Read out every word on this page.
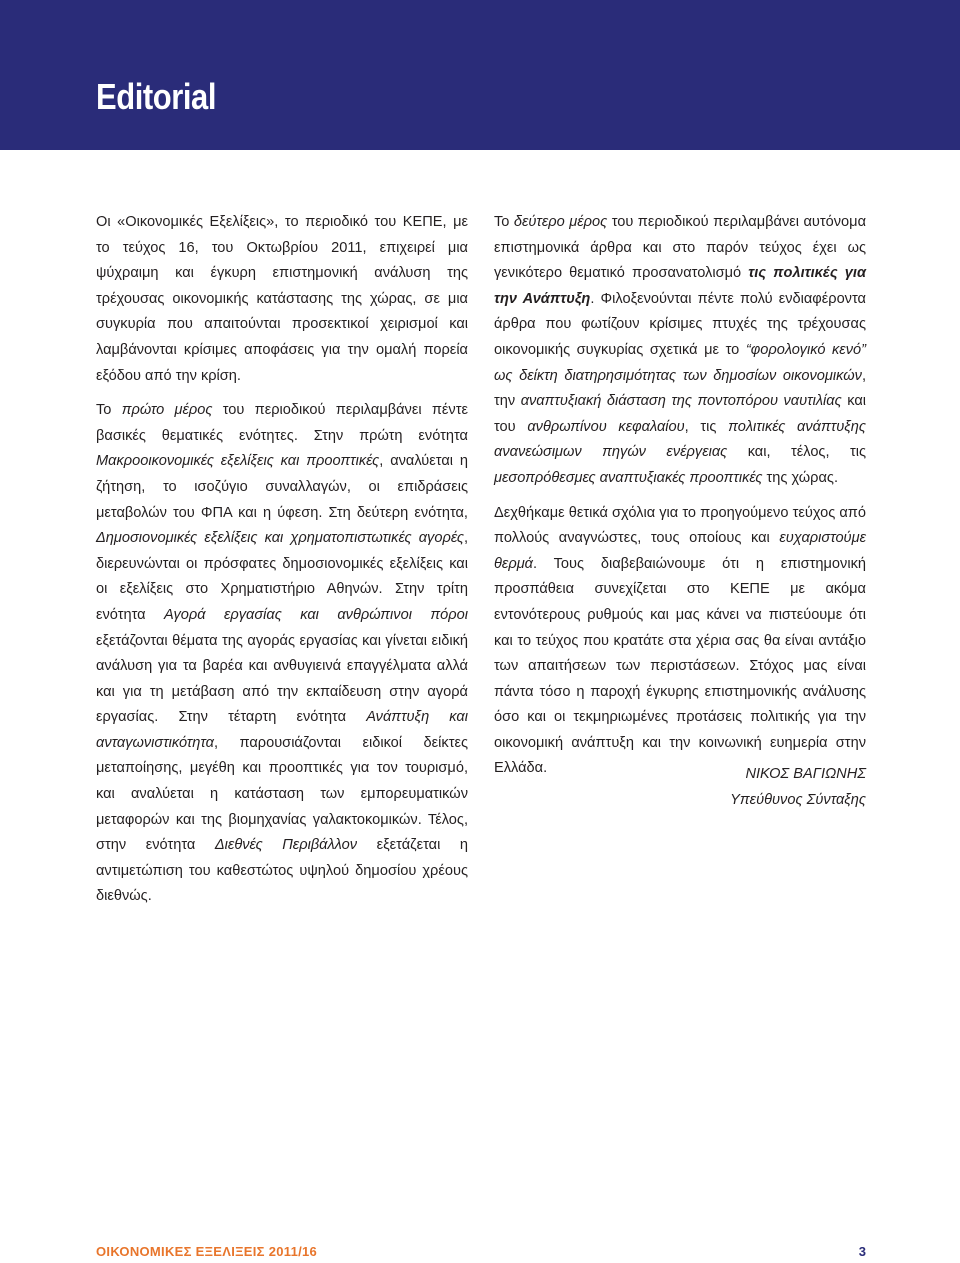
Editorial

Οι «Οικονομικές Εξελίξεις», το περιοδικό του ΚΕΠΕ, με το τεύχος 16, του Οκτωβρίου 2011, επιχειρεί μια ψύχραιμη και έγκυρη επιστημονική ανάλυση της τρέχουσας οικονομικής κατάστασης της χώρας, σε μια συγκυρία που απαιτούνται προσεκτικοί χειρισμοί και λαμβάνονται κρίσιμες αποφάσεις για την ομαλή πορεία εξόδου από την κρίση.

Το πρώτο μέρος του περιοδικού περιλαμβάνει πέντε βασικές θεματικές ενότητες. Στην πρώτη ενότητα Μακροοικονομικές εξελίξεις και προοπτικές, αναλύεται η ζήτηση, το ισοζύγιο συναλλαγών, οι επιδράσεις μεταβολών του ΦΠΑ και η ύφεση. Στη δεύτερη ενότητα, Δημοσιονομικές εξελίξεις και χρηματοπιστωτικές αγορές, διερευνώνται οι πρόσφατες δημοσιονομικές εξελίξεις και οι εξελίξεις στο Χρηματιστήριο Αθηνών. Στην τρίτη ενότητα Αγορά εργασίας και ανθρώπινοι πόροι εξετάζονται θέματα της αγοράς εργασίας και γίνεται ειδική ανάλυση για τα βαρέα και ανθυγιεινά επαγγέλματα αλλά και για τη μετάβαση από την εκπαίδευση στην αγορά εργασίας. Στην τέταρτη ενότητα Ανάπτυξη και ανταγωνιστικότητα, παρουσιάζονται ειδικοί δείκτες μεταποίησης, μεγέθη και προοπτικές για τον τουρισμό, και αναλύεται η κατάσταση των εμπορευματικών μεταφορών και της βιομηχανίας γαλακτοκομικών. Τέλος, στην ενότητα Διεθνές Περιβάλλον εξετάζεται η αντιμετώπιση του καθεστώτος υψηλού δημοσίου χρέους διεθνώς.

Το δεύτερο μέρος του περιοδικού περιλαμβάνει αυτόνομα επιστημονικά άρθρα και στο παρόν τεύχος έχει ως γενικότερο θεματικό προσανατολισμό τις πολιτικές για την Ανάπτυξη. Φιλοξενούνται πέντε πολύ ενδιαφέροντα άρθρα που φωτίζουν κρίσιμες πτυχές της τρέχουσας οικονομικής συγκυρίας σχετικά με το “φορολογικό κενό” ως δείκτη διατηρησιμότητας των δημοσίων οικονομικών, την αναπτυξιακή διάσταση της ποντοπόρου ναυτιλίας και του ανθρωπίνου κεφαλαίου, τις πολιτικές ανάπτυξης ανανεώσιμων πηγών ενέργειας και, τέλος, τις μεσοπρόθεσμες αναπτυξιακές προοπτικές της χώρας.

Δεχθήκαμε θετικά σχόλια για το προηγούμενο τεύχος από πολλούς αναγνώστες, τους οποίους και ευχαριστούμε θερμά. Τους διαβεβαιώνουμε ότι η επιστημονική προσπάθεια συνεχίζεται στο ΚΕΠΕ με ακόμα εντονότερους ρυθμούς και μας κάνει να πιστεύουμε ότι και το τεύχος που κρατάτε στα χέρια σας θα είναι αντάξιο των απαιτήσεων των περιστάσεων. Στόχος μας είναι πάντα τόσο η παροχή έγκυρης επιστημονικής ανάλυσης όσο και οι τεκμηριωμένες προτάσεις πολιτικής για την οικονομική ανάπτυξη και την κοινωνική ευημερία στην Ελλάδα.	ΝΙΚΟΣ ΒΑΓΙΩΝΗΣ
Υπεύθυνος Σύνταξης
ΟΙΚΟΝΟΜΙΚΕΣ ΕΞΕΛΙΞΕΙΣ 2011/16	3
